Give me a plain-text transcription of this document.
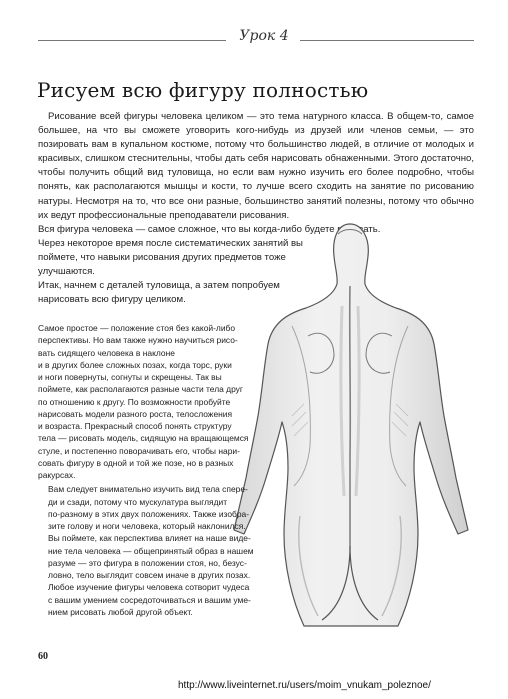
Урок 4
Рисуем всю фигуру полностью

Рисование всей фигуры человека целиком — это тема натурного класса. В общем-то, самое большее, на что вы сможете уговорить кого-нибудь из друзей или членов семьи, — это позировать вам в купальном костюме, потому что большинство людей, в отличие от молодых и красивых, слишком стеснительны, чтобы дать себя нарисовать обнаженными. Этого достаточно, чтобы получить общий вид туловища, но если вам нужно изучить его более подробно, чтобы понять, как располагаются мышцы и кости, то лучше всего сходить на занятие по рисованию натуры. Несмотря на то, что все они разные, большинство занятий полезны, потому что обычно их ведут профессиональные преподаватели рисования.

Вся фигура человека — самое сложное, что вы когда-либо будете рисовать.

Через некоторое время после систематических занятий вы поймете, что навыки рисования других предметов тоже улучшаются.

Итак, начнем с деталей туловища, а затем попробуем нарисовать всю фигуру целиком.

Самое простое — положение стоя без какой-либо
перспективы. Но вам также нужно научиться рисо-
вать сидящего человека в наклоне
и в других более сложных позах, когда торс, руки
и ноги повернуты, согнуты и скрещены. Так вы
поймете, как располагаются разные части тела друг
по отношению к другу. По возможности пробуйте
нарисовать модели разного роста, телосложения
и возраста. Прекрасный способ понять структуру
тела — рисовать модель, сидящую на вращающемся
стуле, и постепенно поворачивать его, чтобы нари-
совать фигуру в одной и той же позе, но в разных
ракурсах.

Вам следует внимательно изучить вид тела спере-
ди и сзади, потому что мускулатура выглядит
по-разному в этих двух положениях. Также изобра-
зите голову и ноги человека, который наклонился.
Вы поймете, как перспектива влияет на наше виде-
ние тела человека — общепринятый образ в нашем
разуме — это фигура в положении стоя, но, безус-
ловно, тело выглядит совсем иначе в других позах.
Любое изучение фигуры человека сотворит чудеса
с вашим умением сосредоточиваться и вашим уме-
нием рисовать любой другой объект.

60
http://www.liveinternet.ru/users/moim_vnukam_poleznoe/
